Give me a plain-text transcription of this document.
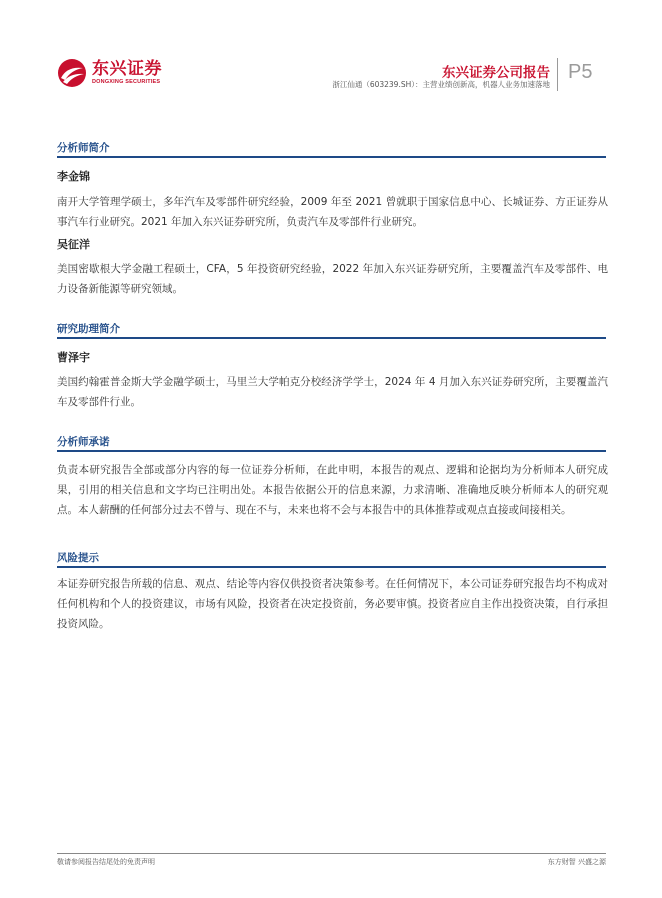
东兴证券
DONGXING SECURITIES
东兴证券公司报告
浙江仙通（603239.SH）：主营业绩创新高，机器人业务加速落地
P5
分析师简介
李金锦

南开大学管理学硕士，多年汽车及零部件研究经验，2009 年至 2021 曾就职于国家信息中心、长城证券、方正证券从事汽车行业研究。2021 年加入东兴证券研究所，负责汽车及零部件行业研究。

吴征洋

美国密歇根大学金融工程硕士，CFA，5 年投资研究经验，2022 年加入东兴证券研究所，主要覆盖汽车及零部件、电力设备新能源等研究领域。

研究助理简介
曹泽宇

美国约翰霍普金斯大学金融学硕士，马里兰大学帕克分校经济学学士，2024 年 4 月加入东兴证券研究所，主要覆盖汽车及零部件行业。

分析师承诺

负责本研究报告全部或部分内容的每一位证券分析师，在此申明，本报告的观点、逻辑和论据均为分析师本人研究成果，引用的相关信息和文字均已注明出处。本报告依据公开的信息来源，力求清晰、准确地反映分析师本人的研究观点。本人薪酬的任何部分过去不曾与、现在不与，未来也将不会与本报告中的具体推荐或观点直接或间接相关。

风险提示

本证券研究报告所载的信息、观点、结论等内容仅供投资者决策参考。在任何情况下，本公司证券研究报告均不构成对任何机构和个人的投资建议，市场有风险，投资者在决定投资前，务必要审慎。投资者应自主作出投资决策，自行承担投资风险。

敬请参阅报告结尾处的免责声明	东方财智 兴盛之源
